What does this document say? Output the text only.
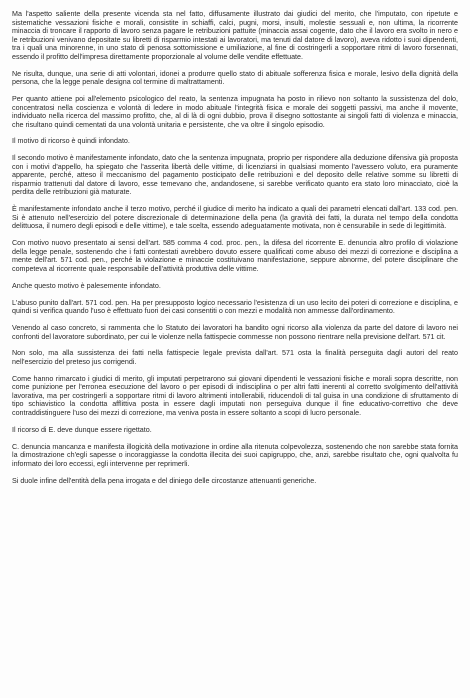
Ma l'aspetto saliente della presente vicenda sta nel fatto, diffusamente illustrato dai giudici del merito, che l'imputato, con ripetute e sistematiche vessazioni fisiche e morali, consistite in schiaffi, calci, pugni, morsi, insulti, molestie sessuali e, non ultima, la ricorrente minaccia di troncare il rapporto di lavoro senza pagare le retribuzioni pattuite (minaccia assai cogente, dato che il lavoro era svolto in nero e le retribuzioni venivano depositate su libretti di risparmio intestati ai lavoratori, ma tenuti dal datore di lavoro), aveva ridotto i suoi dipendenti, tra i quali una minorenne, in uno stato di penosa sottomissione e umiliazione, al fine di costringerli a sopportare ritmi di lavoro forsennati, essendo il profitto dell'impresa direttamente proporzionale al volume delle vendite effettuate.

Ne risulta, dunque, una serie di atti volontari, idonei a produrre quello stato di abituale sofferenza fisica e morale, lesivo della dignità della persona, che la legge penale designa col termine di maltrattamenti.

Per quanto attiene poi all'elemento psicologico del reato, la sentenza impugnata ha posto in rilievo non soltanto la sussistenza del dolo, concentratosi nella coscienza e volontà di ledere in modo abituale l'integrità fisica e morale dei soggetti passivi, ma anche il movente, individuato nella ricerca del massimo profitto, che, al di là di ogni dubbio, prova il disegno sottostante ai singoli fatti di violenza e minaccia, che risultano quindi cementati da una volontà unitaria e persistente, che va oltre il singolo episodio.

Il motivo di ricorso è quindi infondato.

Il secondo motivo è manifestamente infondato, dato che la sentenza impugnata, proprio per rispondere alla deduzione difensiva già proposta con i motivi d'appello, ha spiegato che l'asserita libertà delle vittime, di licenziarsi in qualsiasi momento l'avessero voluto, era puramente apparente, perché, atteso il meccanismo del pagamento posticipato delle retribuzioni e del deposito delle relative somme su libretti di risparmio trattenuti dal datore di lavoro, esse temevano che, andandosene, si sarebbe verificato quanto era stato loro minacciato, cioè la perdita delle retribuzioni già maturate.

È manifestamente infondato anche il terzo motivo, perché il giudice di merito ha indicato a quali dei parametri elencati dall'art. 133 cod. pen. Si è attenuto nell'esercizio del potere discrezionale di determinazione della pena (la gravità dei fatti, la durata nel tempo della condotta delittuosa, il numero degli episodi e delle vittime), e tale scelta, essendo adeguatamente motivata, non è censurabile in sede di legittimità.

Con motivo nuovo presentato ai sensi dell'art. 585 comma 4 cod. proc. pen., la difesa del ricorrente E. denuncia altro profilo di violazione della legge penale, sostenendo che i fatti contestati avrebbero dovuto essere qualificati come abuso dei mezzi di correzione e disciplina a mente dell'art. 571 cod. pen., perché la violazione e minaccie costituivano manifestazione, seppure abnorme, del potere disciplinare che competeva al ricorrente quale responsabile dell'attività produttiva delle vittime.

Anche questo motivo è palesemente infondato.

L'abuso punito dall'art. 571 cod. pen. Ha per presupposto logico necessario l'esistenza di un uso lecito dei poteri di correzione e disciplina, e quindi si verifica quando l'uso è effettuato fuori dei casi consentiti o con mezzi e modalità non ammesse dall'ordinamento.

Venendo al caso concreto, si rammenta che lo Statuto dei lavoratori ha bandito ogni ricorso alla violenza da parte del datore di lavoro nei confronti del lavoratore subordinato, per cui le violenze nella fattispecie commesse non possono rientrare nella previsione dell'art. 571 cit.

Non solo, ma alla sussistenza dei fatti nella fattispecie legale prevista dall'art. 571 osta la finalità perseguita dagli autori del reato nell'esercizio del preteso jus corrigendi.

Come hanno rimarcato i giudici di merito, gli imputati perpetrarono sui giovani dipendenti le vessazioni fisiche e morali sopra descritte, non come punizione per l'erronea esecuzione del lavoro o per episodi di indisciplina o per altri fatti inerenti al corretto svolgimento dell'attività lavorativa, ma per costringerli a sopportare ritmi di lavoro altrimenti intollerabili, riducendoli di tal guisa in una condizione di sfruttamento di tipo schiavistico la condotta afflittiva posta in essere dagli imputati non perseguiva dunque il fine educativo-correttivo che deve contraddistinguere l'uso dei mezzi di correzione, ma veniva posta in essere soltanto a scopi di lucro personale.

Il ricorso di E. deve dunque essere rigettato.

C. denuncia mancanza e manifesta illogicità della motivazione in ordine alla ritenuta colpevolezza, sostenendo che non sarebbe stata fornita la dimostrazione ch'egli sapesse o incoraggiasse la condotta illecita dei suoi capigruppo, che, anzi, sarebbe risultato che, ogni qualvolta fu informato dei loro eccessi, egli intervenne per reprimerli.

Si duole infine dell'entità della pena irrogata e del diniego delle circostanze attenuanti generiche.
